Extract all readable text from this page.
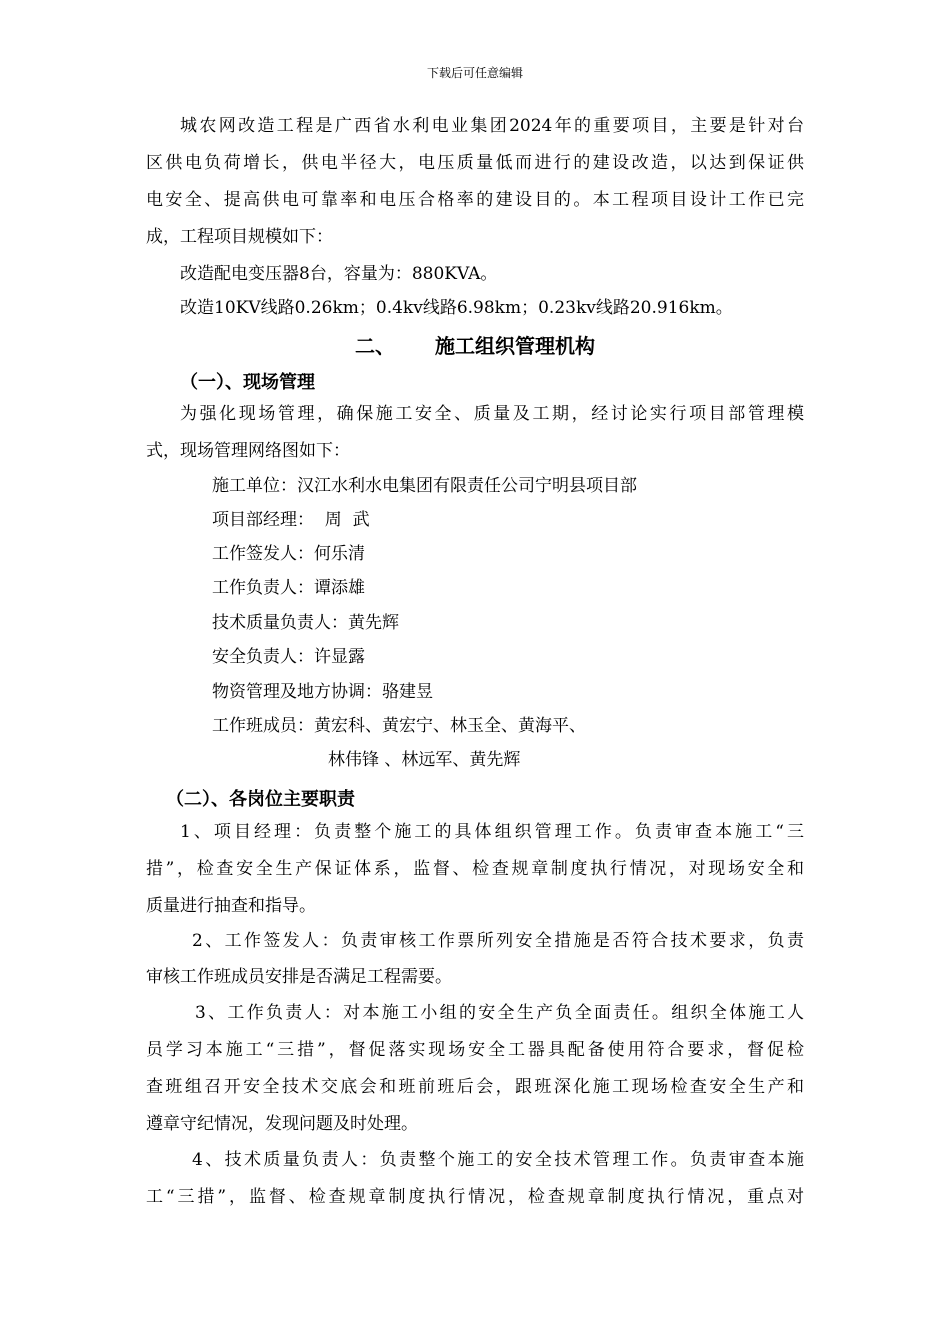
下载后可任意编辑
城农网改造工程是广西省水利电业集团2024年的重要项目，主要是针对台
区供电负荷增长，供电半径大，电压质量低而进行的建设改造，以达到保证供
电安全、提高供电可靠率和电压合格率的建设目的。本工程项目设计工作已完
成，工程项目规模如下：
改造配电变压器8台，容量为：880KVA。
改造10KV线路0.26km；0.4kv线路6.98km；0.23kv线路20.916km。
二、 施工组织管理机构
（一）、现场管理
为强化现场管理，确保施工安全、质量及工期，经讨论实行项目部管理模
式，现场管理网络图如下：
施工单位：汉江水利水电集团有限责任公司宁明县项目部
项目部经理：  周  武
工作签发人：何乐清
工作负责人：谭添雄
技术质量负责人：黄先辉
安全负责人：许显露
物资管理及地方协调：骆建昱
工作班成员：黄宏科、黄宏宁、林玉全、黄海平、
林伟锋 、林远军、黄先辉
（二）、各岗位主要职责
1、项目经理：负责整个施工的具体组织管理工作。负责审查本施工“三
措”，检查安全生产保证体系，监督、检查规章制度执行情况，对现场安全和
质量进行抽查和指导。
2、工作签发人：负责审核工作票所列安全措施是否符合技术要求，负责
审核工作班成员安排是否满足工程需要。
3、工作负责人：对本施工小组的安全生产负全面责任。组织全体施工人
员学习本施工“三措”，督促落实现场安全工器具配备使用符合要求，督促检
查班组召开安全技术交底会和班前班后会，跟班深化施工现场检查安全生产和
遵章守纪情况，发现问题及时处理。
4、技术质量负责人：负责整个施工的安全技术管理工作。负责审查本施
工“三措”，监督、检查规章制度执行情况，检查规章制度执行情况，重点对
